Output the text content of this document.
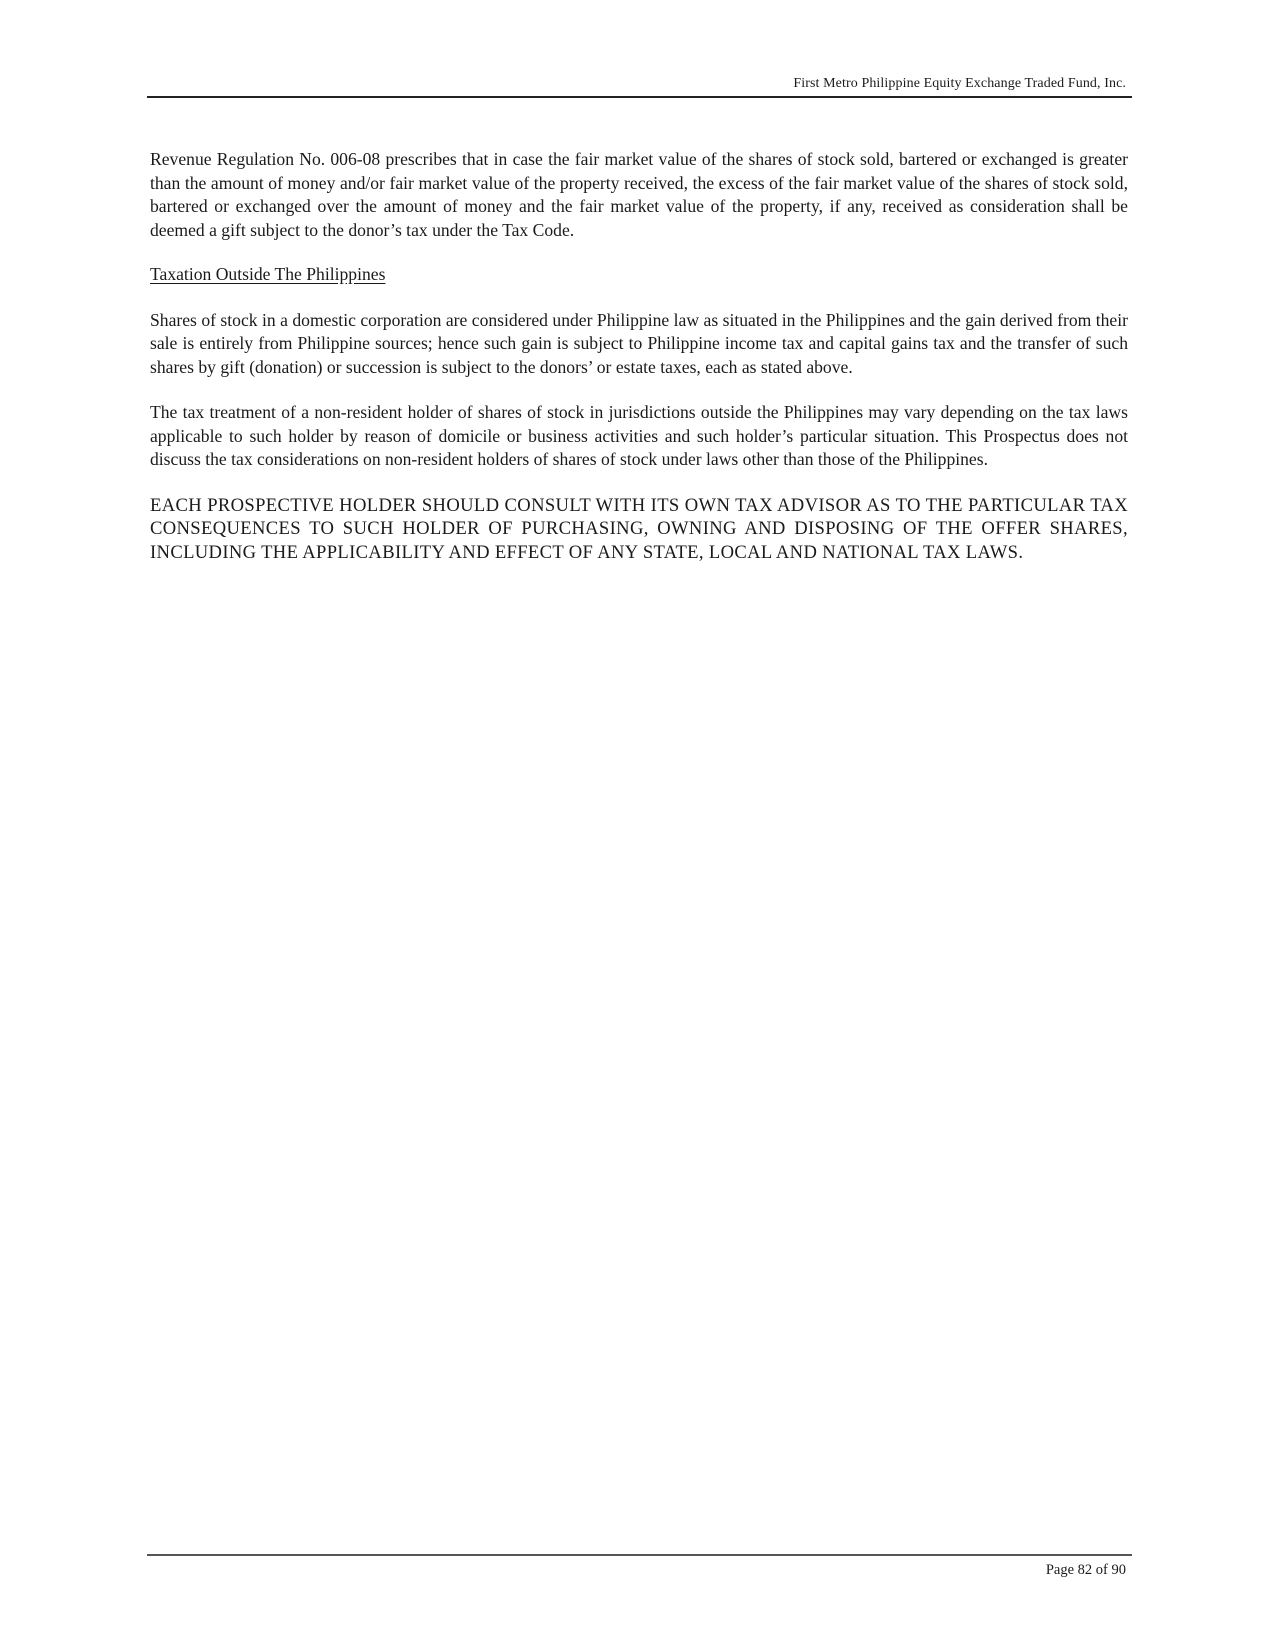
First Metro Philippine Equity Exchange Traded Fund, Inc.

Revenue Regulation No. 006-08 prescribes that in case the fair market value of the shares of stock sold, bartered or exchanged is greater than the amount of money and/or fair market value of the property received, the excess of the fair market value of the shares of stock sold, bartered or exchanged over the amount of money and the fair market value of the property, if any, received as consideration shall be deemed a gift subject to the donor’s tax under the Tax Code.

Taxation Outside The Philippines

Shares of stock in a domestic corporation are considered under Philippine law as situated in the Philippines and the gain derived from their sale is entirely from Philippine sources; hence such gain is subject to Philippine income tax and capital gains tax and the transfer of such shares by gift (donation) or succession is subject to the donors’ or estate taxes, each as stated above.

The tax treatment of a non-resident holder of shares of stock in jurisdictions outside the Philippines may vary depending on the tax laws applicable to such holder by reason of domicile or business activities and such holder’s particular situation. This Prospectus does not discuss the tax considerations on non-resident holders of shares of stock under laws other than those of the Philippines.

EACH PROSPECTIVE HOLDER SHOULD CONSULT WITH ITS OWN TAX ADVISOR AS TO THE PARTICULAR TAX CONSEQUENCES TO SUCH HOLDER OF PURCHASING, OWNING AND DISPOSING OF THE OFFER SHARES, INCLUDING THE APPLICABILITY AND EFFECT OF ANY STATE, LOCAL AND NATIONAL TAX LAWS.

Page 82 of 90
